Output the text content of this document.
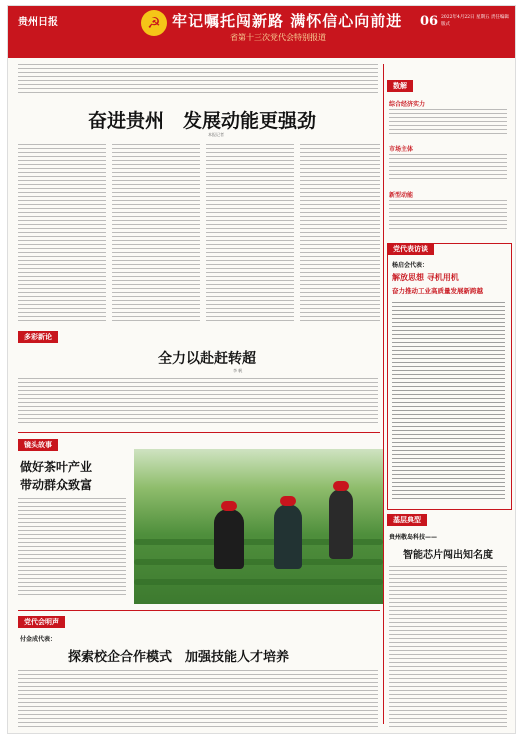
贵州日报	☭ 牢记嘱托闯新路 满怀信心向前进
省第十三次党代会特别报道
06 2022年4月22日 星期五 责任编辑 版式
奋进贵州　发展动能更强劲
本报记者
多彩新论
全力以赴赶转超
李 帆
镜头故事
做好茶叶产业
带动群众致富
党代会明声
付金成代表：
探索校企合作模式　加强技能人才培养
数解
综合经济实力
市场主体
新型动能
党代表访谈
杨启会代表：
解放思想 寻机用机
奋力推动工业高质量发展新跨越
基层典型
贵州敬岛科技——
智能芯片闯出知名度
